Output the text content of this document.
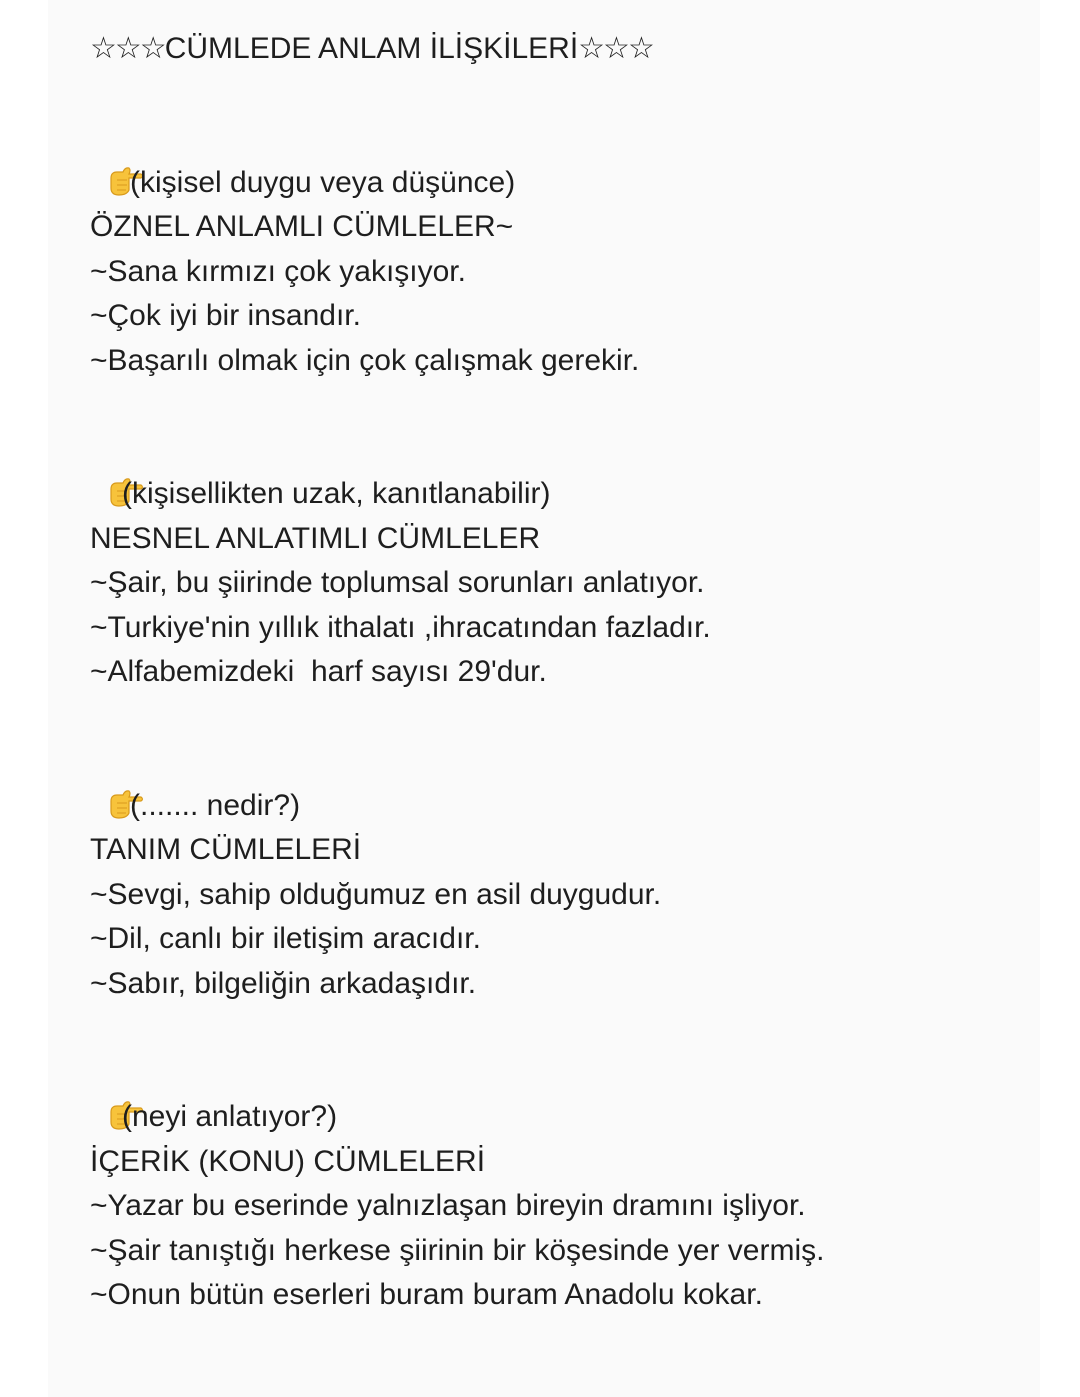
☆☆☆CÜMLEDE ANLAM İLİŞKİLERİ☆☆☆

ÖZNEL ANLAMLI CÜMLELER~
(kişisel duygu veya düşünce)
~Sana kırmızı çok yakışıyor.
~Çok iyi bir insandır.
~Başarılı olmak için çok çalışmak gerekir.

NESNEL ANLATIMLI CÜMLELER
(kişisellikten uzak, kanıtlanabilir)
~Şair, bu şiirinde toplumsal sorunları anlatıyor.
~Turkiye'nin yıllık ithalatı ,ihracatından fazladır.
~Alfabemizdeki  harf sayısı 29'dur.

TANIM CÜMLELERİ
(....... nedir?)
~Sevgi, sahip olduğumuz en asil duygudur.
~Dil, canlı bir iletişim aracıdır.
~Sabır, bilgeliğin arkadaşıdır.

İÇERİK (KONU) CÜMLELERİ
(neyi anlatıyor?)
~Yazar bu eserinde yalnızlaşan bireyin dramını işliyor.
~Şair tanıştığı herkese şiirinin bir köşesinde yer vermiş.
~Onun bütün eserleri buram buram Anadolu kokar.
